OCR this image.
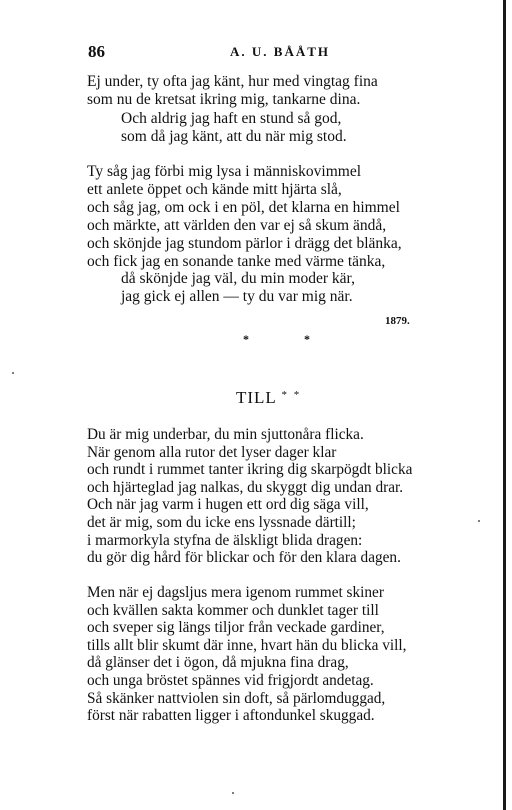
86	A. U. BÅÅTH
Ej under, ty ofta jag känt, hur med vingtag fina
som nu de kretsat ikring mig, tankarne dina.
Och aldrig jag haft en stund så god,
som då jag känt, att du när mig stod.
Ty såg jag förbi mig lysa i människovimmel
ett anlete öppet och kände mitt hjärta slå,
och såg jag, om ock i en pöl, det klarna en himmel
och märkte, att världen den var ej så skum ändå,
och skönjde jag stundom pärlor i drägg det blänka,
och fick jag en sonande tanke med värme tänka,
då skönjde jag väl, du min moder kär,
jag gick ej allen — ty du var mig när.
1879.
* *
TILL * *
Du är mig underbar, du min sjuttonåra flicka.
När genom alla rutor det lyser dager klar
och rundt i rummet tanter ikring dig skarpögdt blicka
och hjärteglad jag nalkas, du skyggt dig undan drar.
Och när jag varm i hugen ett ord dig säga vill,
det är mig, som du icke ens lyssnade därtill;
i marmorkyla styfna de älskligt blida dragen:
du gör dig hård för blickar och för den klara dagen.
Men när ej dagsljus mera igenom rummet skiner
och kvällen sakta kommer och dunklet tager till
och sveper sig längs tiljor från veckade gardiner,
tills allt blir skumt där inne, hvart hän du blicka vill,
då glänser det i ögon, då mjukna fina drag,
och unga bröstet spännes vid frigjordt andetag.
Så skänker nattviolen sin doft, så pärlomduggad,
först när rabatten ligger i aftondunkel skuggad.
